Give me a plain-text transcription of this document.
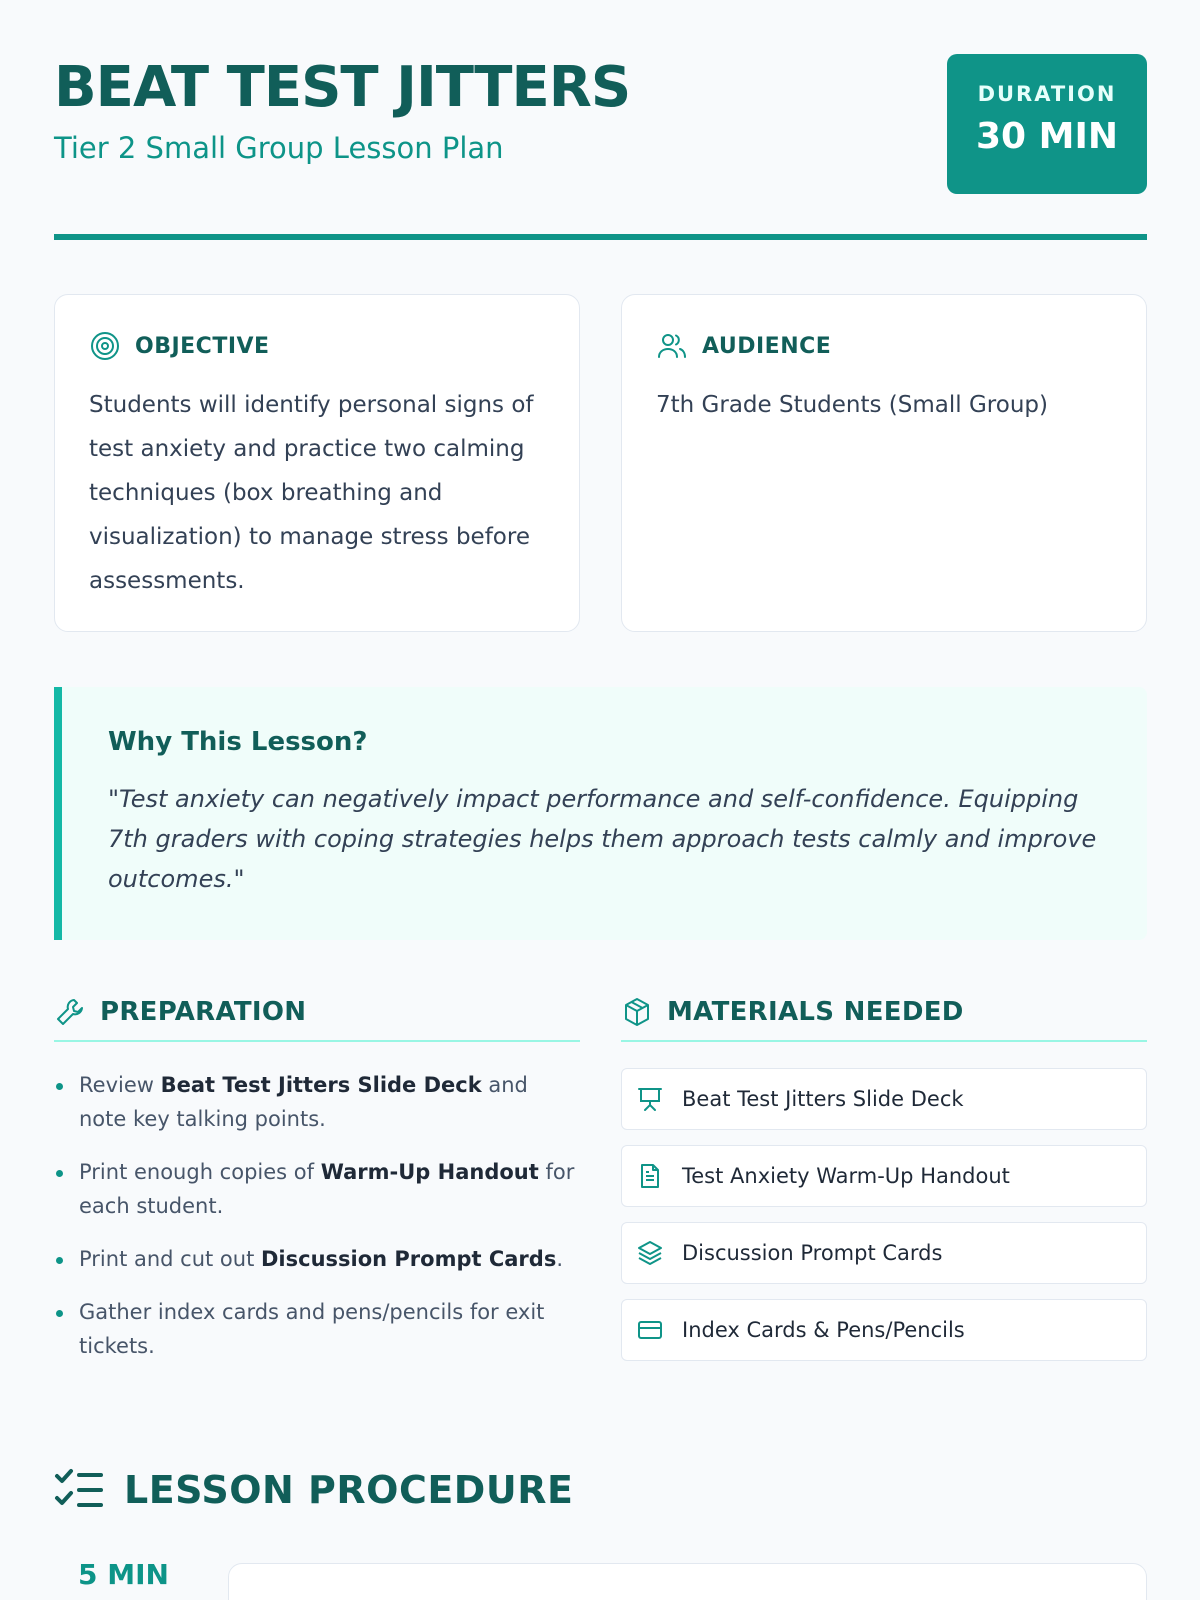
BEAT TEST JITTERS
Tier 2 Small Group Lesson Plan
DURATION
30 MIN
OBJECTIVE
Students will identify personal signs of test anxiety and practice two calming techniques (box breathing and visualization) to manage stress before assessments.
AUDIENCE
7th Grade Students (Small Group)
Why This Lesson?
"Test anxiety can negatively impact performance and self-confidence. Equipping 7th graders with coping strategies helps them approach tests calmly and improve outcomes."
PREPARATION
Review Beat Test Jitters Slide Deck and note key talking points.
Print enough copies of Warm-Up Handout for each student.
Print and cut out Discussion Prompt Cards.
Gather index cards and pens/pencils for exit tickets.
MATERIALS NEEDED
Beat Test Jitters Slide Deck
Test Anxiety Warm-Up Handout
Discussion Prompt Cards
Index Cards & Pens/Pencils
LESSON PROCEDURE
5 MIN
